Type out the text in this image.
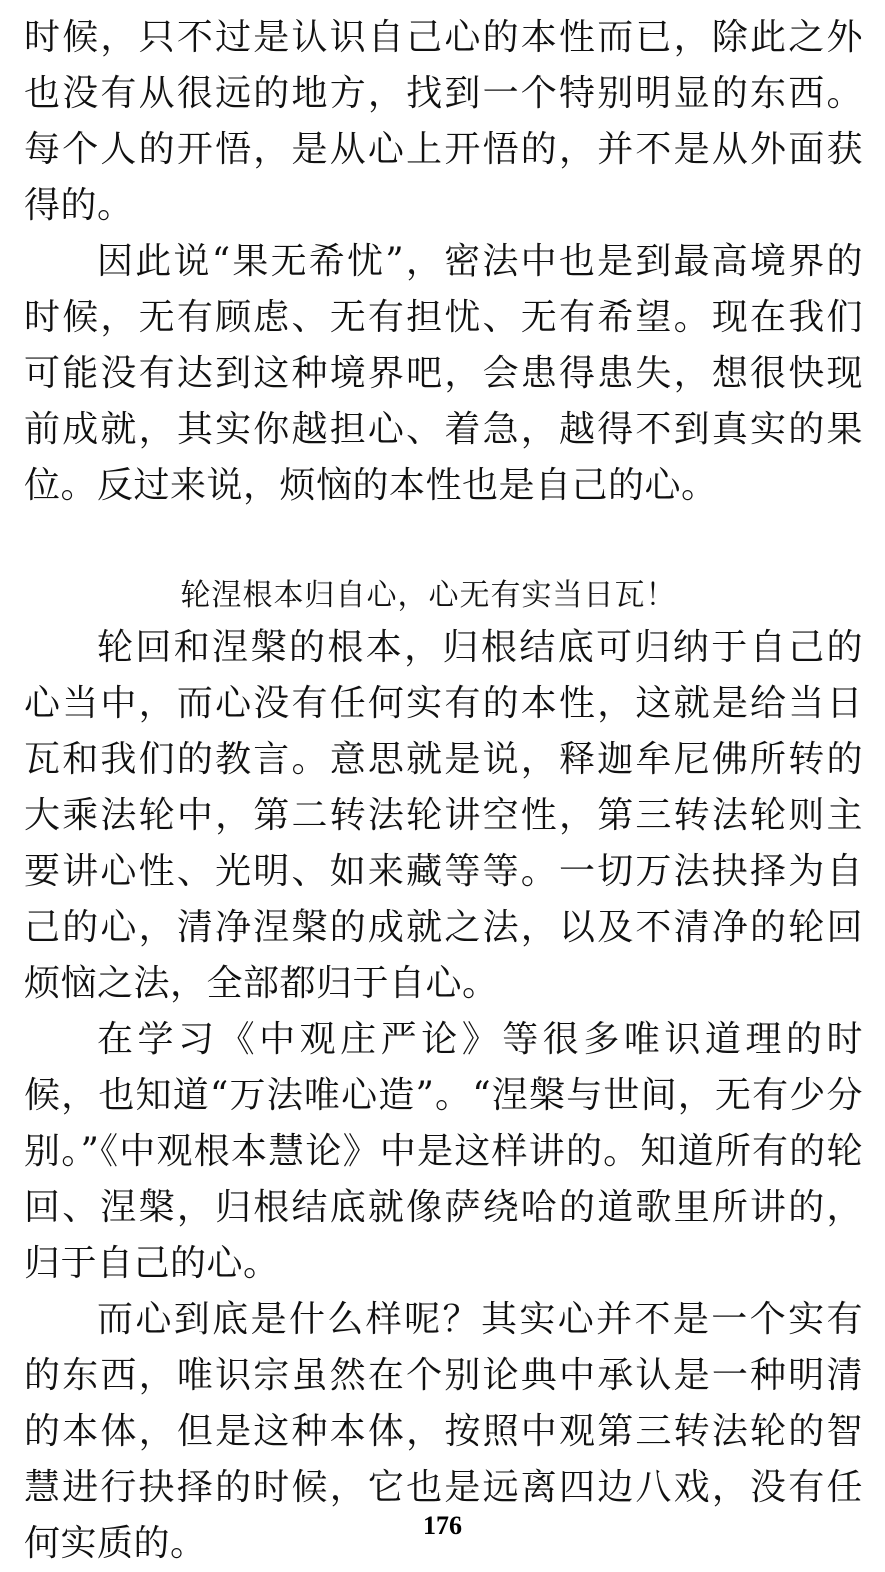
时候，只不过是认识自己心的本性而已，除此之外也没有从很远的地方，找到一个特别明显的东西。每个人的开悟，是从心上开悟的，并不是从外面获得的。

因此说“果无希忧”，密法中也是到最高境界的时候，无有顾虑、无有担忧、无有希望。现在我们可能没有达到这种境界吧，会患得患失，想很快现前成就，其实你越担心、着急，越得不到真实的果位。反过来说，烦恼的本性也是自己的心。

轮涅根本归自心，心无有实当日瓦！

轮回和涅槃的根本，归根结底可归纳于自己的心当中，而心没有任何实有的本性，这就是给当日瓦和我们的教言。意思就是说，释迦牟尼佛所转的大乘法轮中，第二转法轮讲空性，第三转法轮则主要讲心性、光明、如来藏等等。一切万法抉择为自己的心，清净涅槃的成就之法，以及不清净的轮回烦恼之法，全部都归于自心。

在学习《中观庄严论》等很多唯识道理的时候，也知道“万法唯心造”。“涅槃与世间，无有少分别。”《中观根本慧论》中是这样讲的。知道所有的轮回、涅槃，归根结底就像萨绕哈的道歌里所讲的，归于自己的心。

而心到底是什么样呢？其实心并不是一个实有的东西，唯识宗虽然在个别论典中承认是一种明清的本体，但是这种本体，按照中观第三转法轮的智慧进行抉择的时候，它也是远离四边八戏，没有任何实质的。	176
